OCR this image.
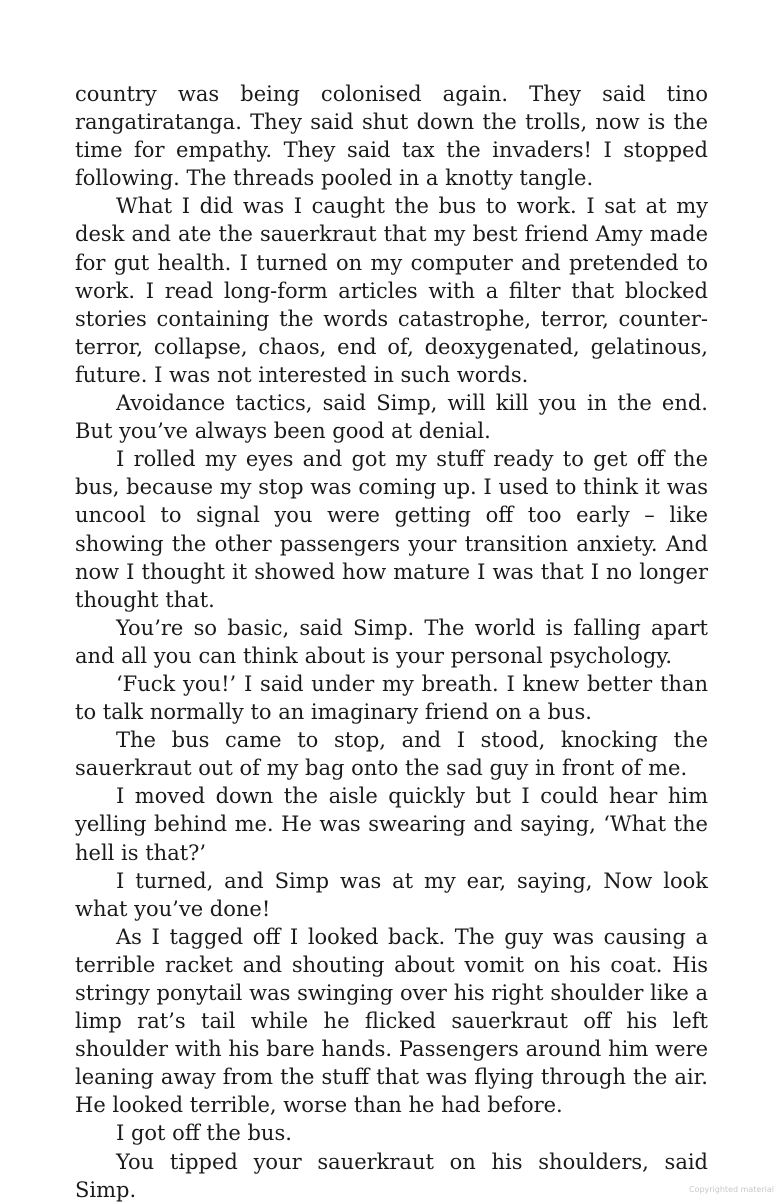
country was being colonised again. They said tino rangatiratanga. They said shut down the trolls, now is the time for empathy. They said tax the invaders! I stopped following. The threads pooled in a knotty tangle.

What I did was I caught the bus to work. I sat at my desk and ate the sauerkraut that my best friend Amy made for gut health. I turned on my computer and pretended to work. I read long-form articles with a filter that blocked stories containing the words catastrophe, terror, counter-terror, collapse, chaos, end of, deoxygenated, gelatinous, future. I was not interested in such words.

Avoidance tactics, said Simp, will kill you in the end. But you’ve always been good at denial.

I rolled my eyes and got my stuff ready to get off the bus, because my stop was coming up. I used to think it was uncool to signal you were getting off too early – like showing the other passengers your transition anxiety. And now I thought it showed how mature I was that I no longer thought that.

You’re so basic, said Simp. The world is falling apart and all you can think about is your personal psychology.

‘Fuck you!’ I said under my breath. I knew better than to talk normally to an imaginary friend on a bus.

The bus came to stop, and I stood, knocking the sauerkraut out of my bag onto the sad guy in front of me.

I moved down the aisle quickly but I could hear him yelling behind me. He was swearing and saying, ‘What the hell is that?’

I turned, and Simp was at my ear, saying, Now look what you’ve done!

As I tagged off I looked back. The guy was causing a terrible racket and shouting about vomit on his coat. His stringy ponytail was swinging over his right shoulder like a limp rat’s tail while he flicked sauerkraut off his left shoulder with his bare hands. Passengers around him were leaning away from the stuff that was flying through the air. He looked terrible, worse than he had before.

I got off the bus.

You tipped your sauerkraut on his shoulders, said Simp.	Copyrighted material
